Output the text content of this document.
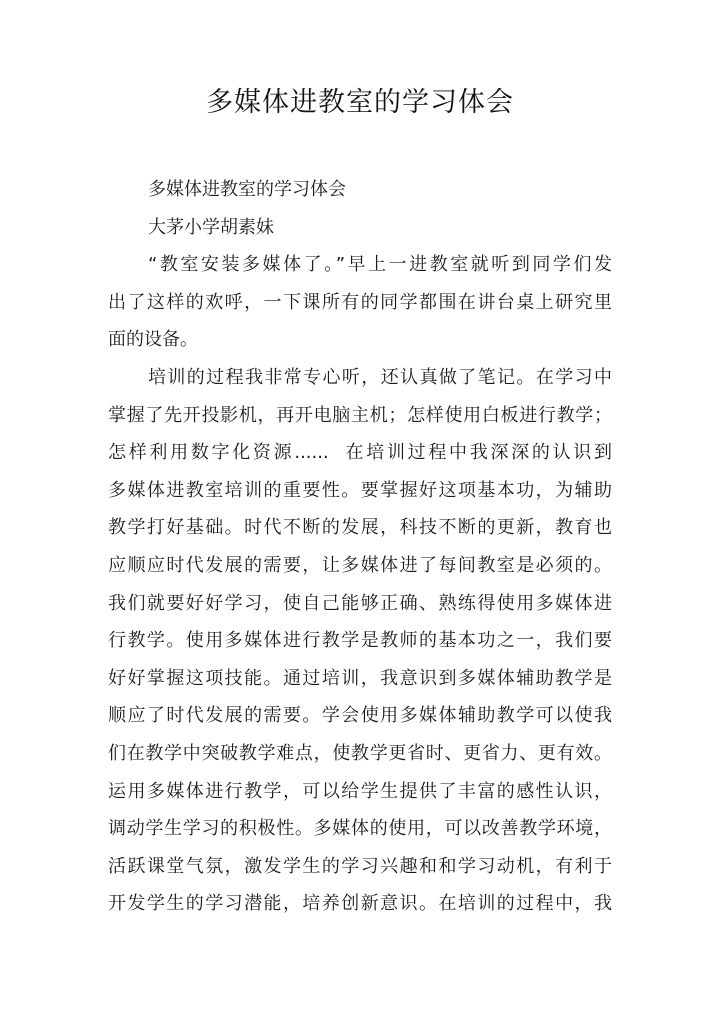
多媒体进教室的学习体会
多媒体进教室的学习体会
大茅小学胡素妹
“教室安装多媒体了。”早上一进教室就听到同学们发
出了这样的欢呼，一下课所有的同学都围在讲台桌上研究里
面的设备。
培训的过程我非常专心听，还认真做了笔记。在学习中
掌握了先开投影机，再开电脑主机；怎样使用白板进行教学；
怎样利用数字化资源......  在培训过程中我深深的认识到
多媒体进教室培训的重要性。要掌握好这项基本功，为辅助
教学打好基础。时代不断的发展，科技不断的更新，教育也
应顺应时代发展的需要，让多媒体进了每间教室是必须的。
我们就要好好学习，使自己能够正确、熟练得使用多媒体进
行教学。使用多媒体进行教学是教师的基本功之一，我们要
好好掌握这项技能。通过培训，我意识到多媒体辅助教学是
顺应了时代发展的需要。学会使用多媒体辅助教学可以使我
们在教学中突破教学难点，使教学更省时、更省力、更有效。
运用多媒体进行教学，可以给学生提供了丰富的感性认识，
调动学生学习的积极性。多媒体的使用，可以改善教学环境，
活跃课堂气氛，激发学生的学习兴趣和和学习动机，有利于
开发学生的学习潜能，培养创新意识。在培训的过程中，我
